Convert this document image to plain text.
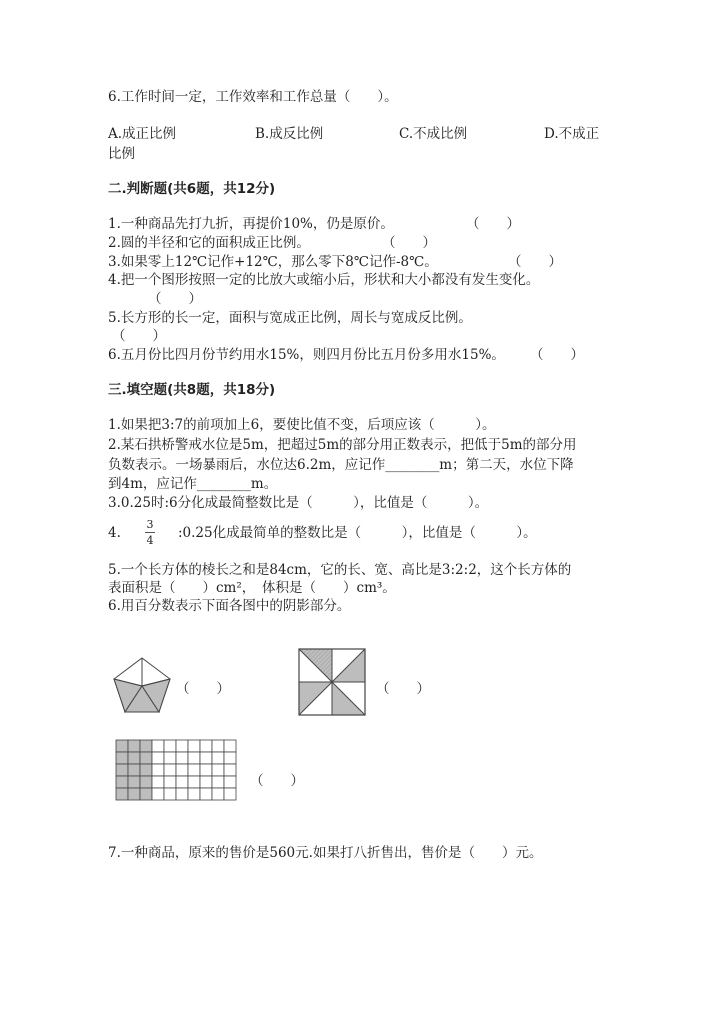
6.工作时间一定，工作效率和工作总量（　　）。
A.成正比例	B.成反比例	C.不成比例	D.不成正
比例
二.判断题(共6题，共12分)
1.一种商品先打九折，再提价10%，仍是原价。	（　　）
2.圆的半径和它的面积成正比例。	（　　）
3.如果零上12℃记作+12℃，那么零下8℃记作-8℃。	（　　）
4.把一个图形按照一定的比放大或缩小后，形状和大小都没有发生变化。
（　　）
5.长方形的长一定，面积与宽成正比例，周长与宽成反比例。
（　　）
6.五月份比四月份节约用水15%，则四月份比五月份多用水15%。 （　　）
三.填空题(共8题，共18分)
1.如果把3:7的前项加上6，要使比值不变，后项应该（　　　）。
2.某石拱桥警戒水位是5m，把超过5m的部分用正数表示，把低于5m的部分用
负数表示。一场暴雨后，水位达6.2m，应记作________m；第二天，水位下降
到4m，应记作________m。
3.0.25时:6分化成最简整数比是（　　　），比值是（　　　）。
4.
3
4 :0.25化成最简单的整数比是（　　　），比值是（　　　）。
5.一个长方体的棱长之和是84cm，它的长、宽、高比是3:2:2，这个长方体的
表面积是（　　）cm²，　体积是（　　）cm³。
6.用百分数表示下面各图中的阴影部分。
（　　）	（　　）
（　　）
7.一种商品，原来的售价是560元.如果打八折售出，售价是（　　）元。
